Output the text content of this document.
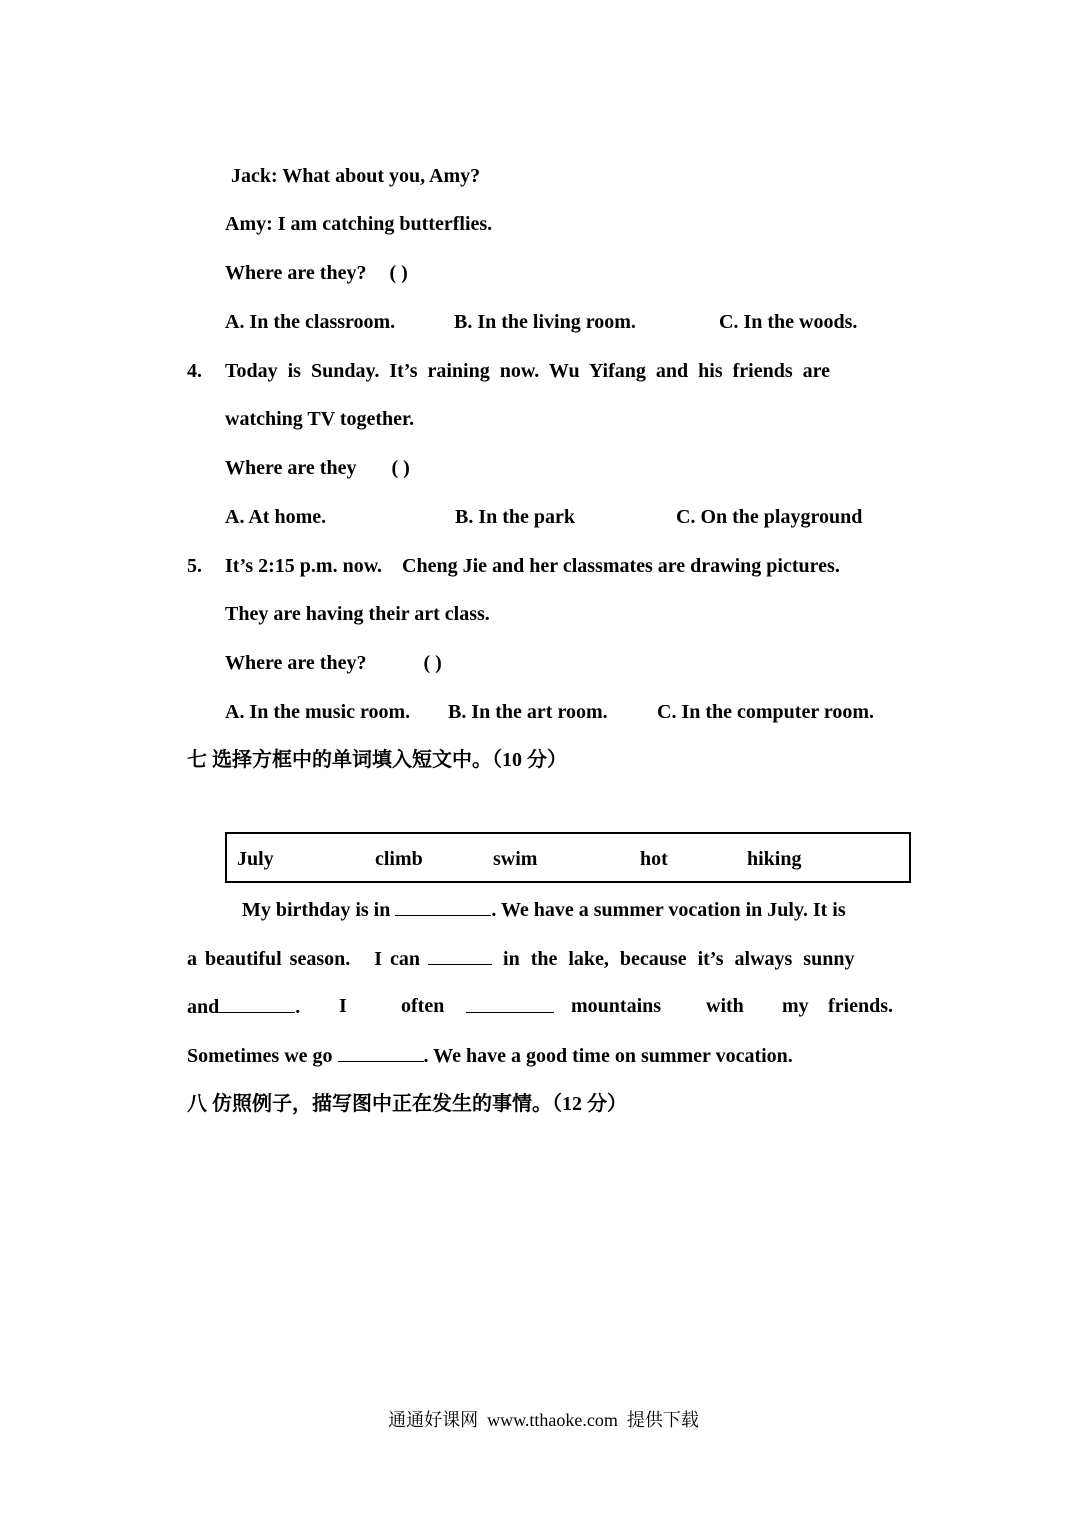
Jack: What about you, Amy?
Amy: I am catching butterflies.
Where are they? ( )
A. In the classroom.	B. In the living room.	C. In the woods.
4. Today is Sunday. It’s raining now. Wu Yifang and his friends are
watching TV together.
Where are they ( )
A. At home.	B. In the park	C. On the playground
5. It’s 2:15 p.m. now.    Cheng Jie and her classmates are drawing pictures.
They are having their art class.
Where are they?	( )
A. In the music room. B. In the art room. C. In the computer room.
七 选择方框中的单词填入短文中。（10 分）
July	climb	swim	hot	hiking
My birthday is in	. We have a summer vocation in July. It is
a beautiful season.   I can	in the lake, because it’s always sunny
and	. I	often	mountains with my friends.
Sometimes we go	. We have a good time on summer vocation.
八 仿照例子，描写图中正在发生的事情。（12 分）
通通好课网  www.tthaoke.com  提供下载
